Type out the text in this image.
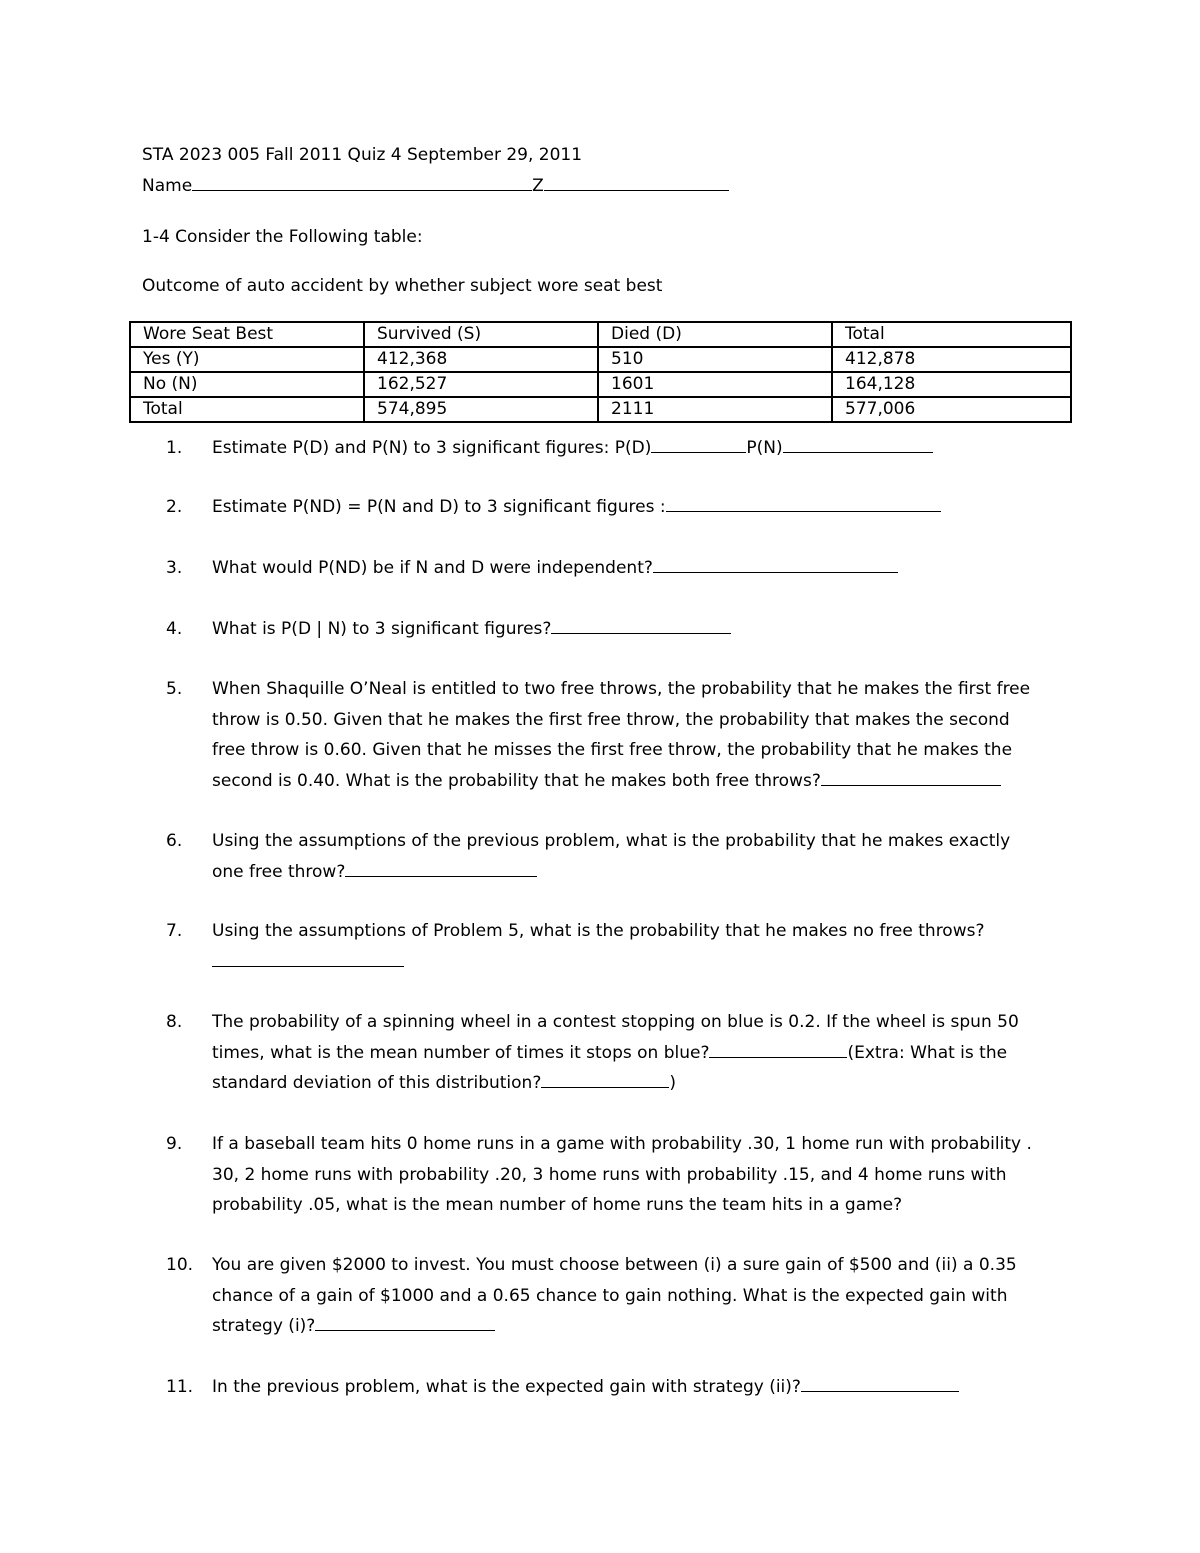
STA 2023 005 Fall 2011 Quiz 4 September 29, 2011
Name	Z
1-4 Consider the Following table:
Outcome of auto accident by whether subject wore seat best
Wore Seat Best	Survived (S)	Died (D)	Total
Yes (Y)	412,368	510	412,878
No (N)	162,527	1601	164,128
Total	574,895	2111	577,006
1.	Estimate P(D) and P(N) to 3 significant figures: P(D)	P(N)
2.	Estimate P(ND) = P(N and D) to 3 significant figures :
3.	What would P(ND) be if N and D were independent?
4.	What is P(D | N) to 3 significant figures?
5.	When Shaquille O’Neal is entitled to two free throws, the probability that he makes the first free
throw is 0.50. Given that he makes the first free throw, the probability that makes the second
free throw is 0.60. Given that he misses the first free throw, the probability that he makes the
second is 0.40. What is the probability that he makes both free throws?
6.	Using the assumptions of the previous problem, what is the probability that he makes exactly
one free throw?
7.	Using the assumptions of Problem 5, what is the probability that he makes no free throws?
8.	The probability of a spinning wheel in a contest stopping on blue is 0.2. If the wheel is spun 50
times, what is the mean number of times it stops on blue?	(Extra: What is the
standard deviation of this distribution?	)
9.	If a baseball team hits 0 home runs in a game with probability .30, 1 home run with probability .
30, 2 home runs with probability .20, 3 home runs with probability .15, and 4 home runs with
probability .05, what is the mean number of home runs the team hits in a game?
10.	You are given $2000 to invest. You must choose between (i) a sure gain of $500 and (ii) a 0.35
chance of a gain of $1000 and a 0.65 chance to gain nothing. What is the expected gain with
strategy (i)?
11.	In the previous problem, what is the expected gain with strategy (ii)?
